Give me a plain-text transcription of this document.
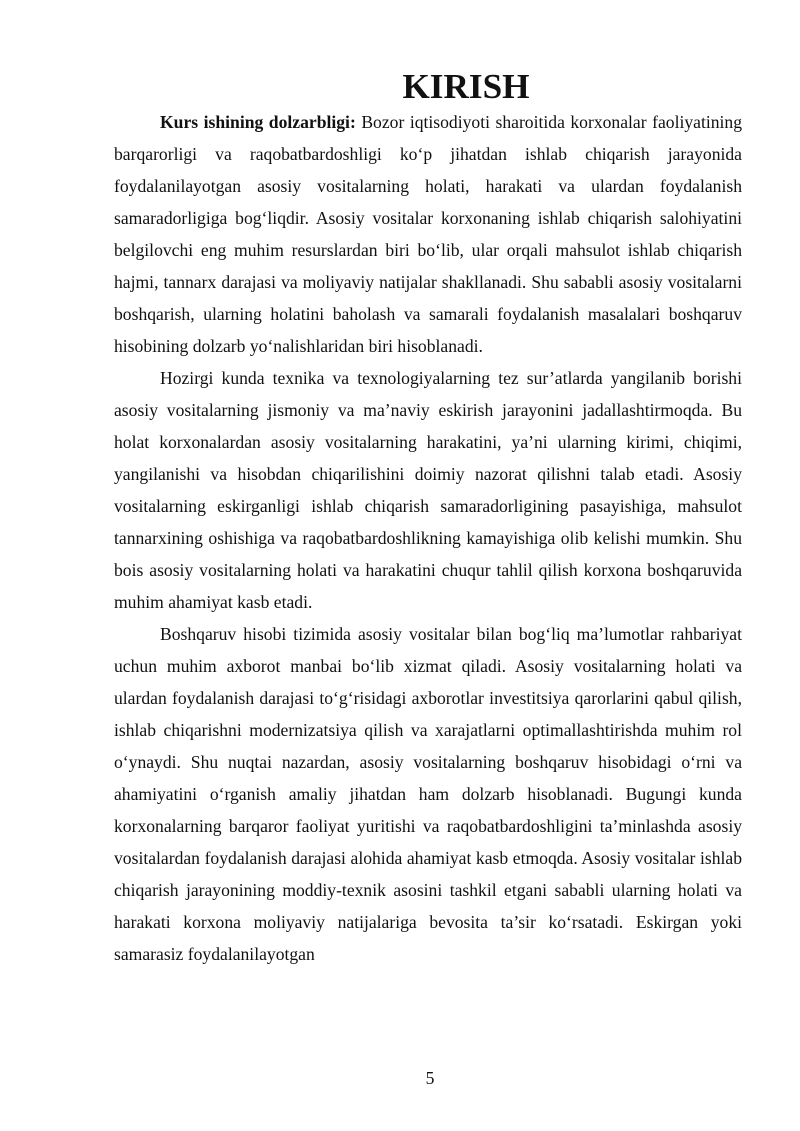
KIRISH

Kurs ishining dolzarbligi: Bozor iqtisodiyoti sharoitida korxonalar faoliyatining barqarorligi va raqobatbardoshligi ko‘p jihatdan ishlab chiqarish jarayonida foydalanilayotgan asosiy vositalarning holati, harakati va ulardan foydalanish samaradorligiga bog‘liqdir. Asosiy vositalar korxonaning ishlab chiqarish salohiyatini belgilovchi eng muhim resurslardan biri bo‘lib, ular orqali mahsulot ishlab chiqarish hajmi, tannarx darajasi va moliyaviy natijalar shakllanadi. Shu sababli asosiy vositalarni boshqarish, ularning holatini baholash va samarali foydalanish masalalari boshqaruv hisobining dolzarb yo‘nalishlaridan biri hisoblanadi.

Hozirgi kunda texnika va texnologiyalarning tez sur’atlarda yangilanib borishi asosiy vositalarning jismoniy va ma’naviy eskirish jarayonini jadallashtirmoqda. Bu holat korxonalardan asosiy vositalarning harakatini, ya’ni ularning kirimi, chiqimi, yangilanishi va hisobdan chiqarilishini doimiy nazorat qilishni talab etadi. Asosiy vositalarning eskirganligi ishlab chiqarish samaradorligining pasayishiga, mahsulot tannarxining oshishiga va raqobatbardoshlikning kamayishiga olib kelishi mumkin. Shu bois asosiy vositalarning holati va harakatini chuqur tahlil qilish korxona boshqaruvida muhim ahamiyat kasb etadi.

Boshqaruv hisobi tizimida asosiy vositalar bilan bog‘liq ma’lumotlar rahbariyat uchun muhim axborot manbai bo‘lib xizmat qiladi. Asosiy vositalarning holati va ulardan foydalanish darajasi to‘g‘risidagi axborotlar investitsiya qarorlarini qabul qilish, ishlab chiqarishni modernizatsiya qilish va xarajatlarni optimallashtirishda muhim rol o‘ynaydi. Shu nuqtai nazardan, asosiy vositalarning boshqaruv hisobidagi o‘rni va ahamiyatini o‘rganish amaliy jihatdan ham dolzarb hisoblanadi. Bugungi kunda korxonalarning barqaror faoliyat yuritishi va raqobatbardoshligini ta’minlashda asosiy vositalardan foydalanish darajasi alohida ahamiyat kasb etmoqda. Asosiy vositalar ishlab chiqarish jarayonining moddiy-texnik asosini tashkil etgani sababli ularning holati va harakati korxona moliyaviy natijalariga bevosita ta’sir ko‘rsatadi. Eskirgan yoki samarasiz foydalanilayotgan

5
